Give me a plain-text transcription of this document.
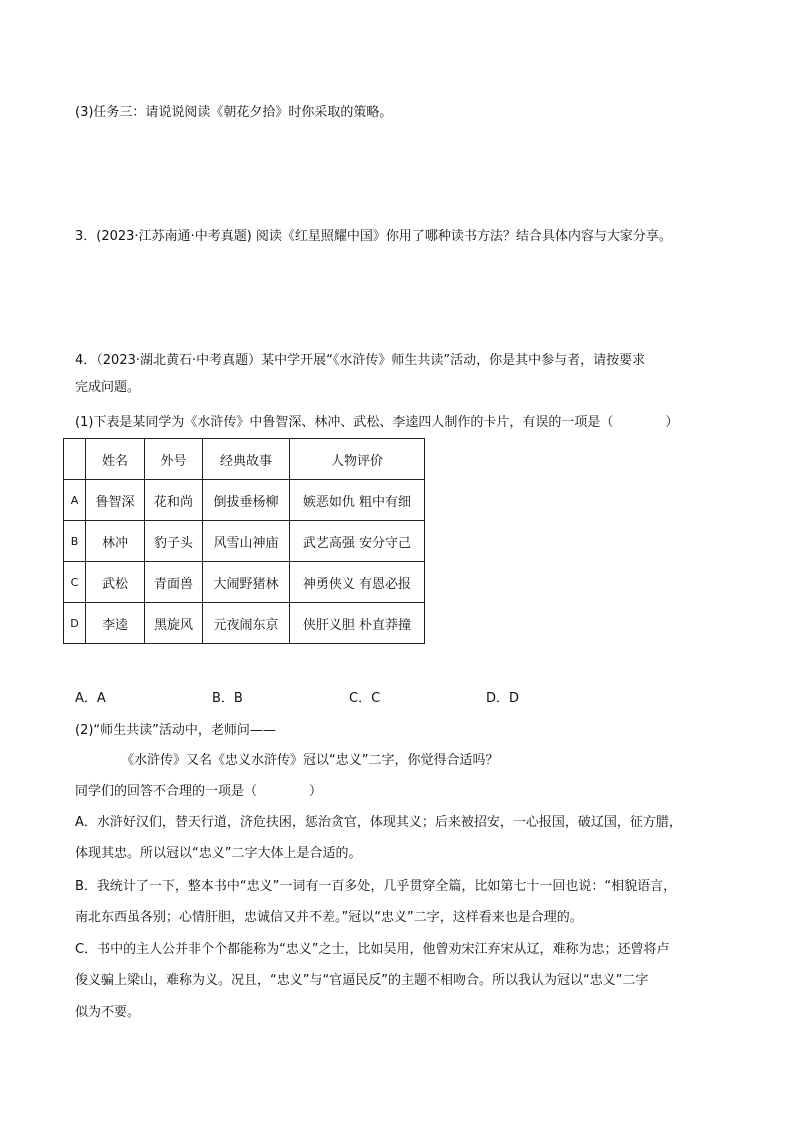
(3)任务三：请说说阅读《朝花夕拾》时你采取的策略。
3．(2023·江苏南通·中考真题) 阅读《红星照耀中国》你用了哪种读书方法？结合具体内容与大家分享。
4．（2023·湖北黄石·中考真题）某中学开展“《水浒传》师生共读”活动，你是其中参与者，请按要求
完成问题。
(1)下表是某同学为《水浒传》中鲁智深、林冲、武松、李逵四人制作的卡片，有误的一项是（　　　　）
	姓名	外号	经典故事	人物评价
A	鲁智深	花和尚	倒拔垂杨柳	嫉恶如仇 粗中有细
B	林冲	豹子头	风雪山神庙	武艺高强 安分守己
C	武松	青面兽	大闹野猪林	神勇侠义 有恩必报
D	李逵	黑旋风	元夜闹东京	侠肝义胆 朴直莽撞
A．A	B．B	C．C	D．D
(2)“师生共读”活动中，老师问——
《水浒传》又名《忠义水浒传》冠以“忠义”二字，你觉得合适吗？
同学们的回答不合理的一项是（　　　　）
A．水浒好汉们，替天行道，济危扶困，惩治贪官，体现其义；后来被招安，一心报国，破辽国，征方腊，
体现其忠。所以冠以“忠义”二字大体上是合适的。
B．我统计了一下，整本书中“忠义”一词有一百多处，几乎贯穿全篇，比如第七十一回也说：“相貌语言，
南北东西虽各别；心情肝胆，忠诚信又并不差。”冠以“忠义”二字，这样看来也是合理的。
C．书中的主人公并非个个都能称为“忠义”之士，比如吴用，他曾劝宋江弃宋从辽，难称为忠；还曾将卢
俊义骗上梁山，难称为义。况且，“忠义”与“官逼民反”的主题不相吻合。所以我认为冠以“忠义”二字
似为不要。
